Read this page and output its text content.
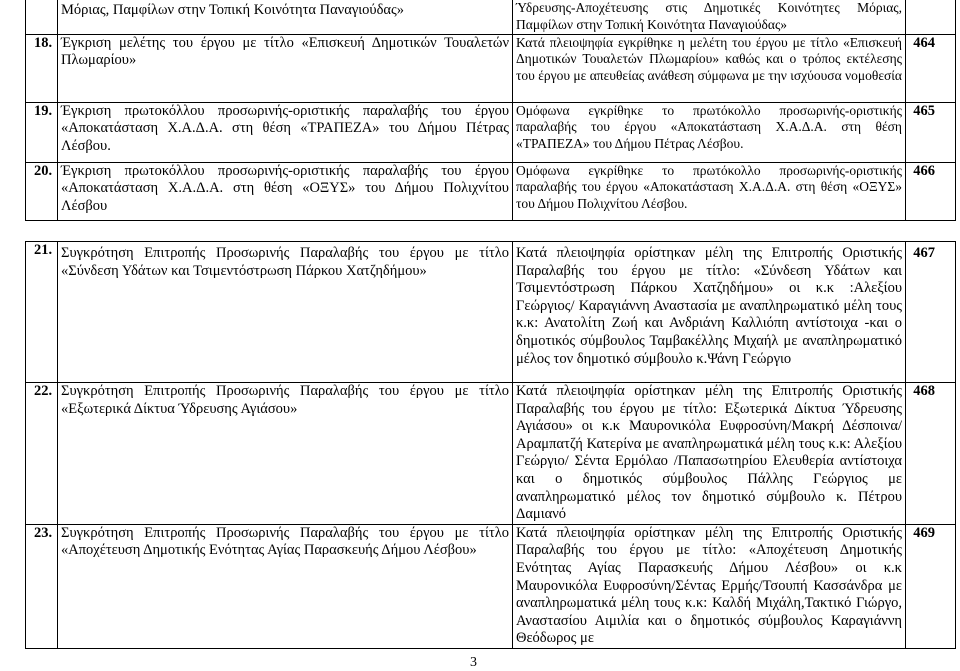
	Μόριας, Παμφίλων στην Τοπική Κοινότητα Παναγιούδας»	Ύδρευσης-Αποχέτευσης στις Δημοτικές Κοινότητες Μόριας, Παμφίλων στην Τοπική Κοινότητα Παναγιούδας»	
18.	Έγκριση μελέτης του έργου με τίτλο «Επισκευή Δημοτικών Τουαλετών Πλωμαρίου»	Κατά πλειοψηφία εγκρίθηκε η μελέτη του έργου με τίτλο «Επισκευή Δημοτικών Τουαλετών Πλωμαρίου» καθώς και ο τρόπος εκτέλεσης του έργου με απευθείας ανάθεση σύμφωνα με την ισχύουσα νομοθεσία	464
19.	Έγκριση πρωτοκόλλου προσωρινής-οριστικής παραλαβής του έργου «Αποκατάσταση Χ.Α.Δ.Α. στη θέση «ΤΡΑΠΕΖΑ» του Δήμου Πέτρας Λέσβου.	Ομόφωνα εγκρίθηκε το πρωτόκολλο προσωρινής-οριστικής παραλαβής του έργου «Αποκατάσταση Χ.Α.Δ.Α. στη θέση «ΤΡΑΠΕΖΑ» του Δήμου Πέτρας Λέσβου.	465
20.	Έγκριση πρωτοκόλλου προσωρινής-οριστικής παραλαβής του έργου «Αποκατάσταση Χ.Α.Δ.Α. στη θέση «ΟΞΥΣ» του Δήμου Πολιχνίτου Λέσβου	Ομόφωνα εγκρίθηκε το πρωτόκολλο προσωρινής-οριστικής παραλαβής του έργου «Αποκατάσταση Χ.Α.Δ.Α. στη θέση «ΟΞΥΣ» του Δήμου Πολιχνίτου Λέσβου.	466
21.	Συγκρότηση Επιτροπής Προσωρινής Παραλαβής του έργου με τίτλο «Σύνδεση Υδάτων και Τσιμεντόστρωση Πάρκου Χατζηδήμου»	Κατά πλειοψηφία ορίστηκαν μέλη της Επιτροπής Οριστικής Παραλαβής του έργου με τίτλο: «Σύνδεση Υδάτων και Τσιμεντόστρωση Πάρκου Χατζηδήμου» οι κ.κ :Αλεξίου Γεώργιος/ Καραγιάννη Αναστασία με αναπληρωματικό μέλη τους κ.κ: Ανατολίτη Ζωή και Ανδριάνη Καλλιόπη αντίστοιχα -και ο δημοτικός σύμβουλος Ταμβακέλλης Μιχαήλ με αναπληρωματικό μέλος τον δημοτικό σύμβουλο κ.Ψάνη Γεώργιο	467
22.	Συγκρότηση Επιτροπής Προσωρινής Παραλαβής του έργου με τίτλο «Εξωτερικά Δίκτυα Ύδρευσης Αγιάσου»	Κατά πλειοψηφία ορίστηκαν μέλη της Επιτροπής Οριστικής Παραλαβής του έργου με τίτλο: Εξωτερικά Δίκτυα Ύδρευσης Αγιάσου» οι κ.κ Μαυρονικόλα Ευφροσύνη/Μακρή Δέσποινα/Αραμπατζή Κατερίνα με αναπληρωματικά μέλη τους κ.κ: Αλεξίου Γεώργιο/ Σέντα Ερμόλαο /Παπασωτηρίου Ελευθερία αντίστοιχα και ο δημοτικός σύμβουλος Πάλλης Γεώργιος με αναπληρωματικό μέλος τον δημοτικό σύμβουλο κ. Πέτρου Δαμιανό	468
23.	Συγκρότηση Επιτροπής Προσωρινής Παραλαβής του έργου με τίτλο «Αποχέτευση Δημοτικής Ενότητας Αγίας Παρασκευής Δήμου Λέσβου»	Κατά πλειοψηφία ορίστηκαν μέλη της Επιτροπής Οριστικής Παραλαβής του έργου με τίτλο: «Αποχέτευση Δημοτικής Ενότητας Αγίας Παρασκευής Δήμου Λέσβου» οι κ.κ Μαυρονικόλα Ευφροσύνη/Σέντας Ερμής/Τσουπή Κασσάνδρα με αναπληρωματικά μέλη τους κ.κ: Καλδή Μιχάλη,Τακτικό Γιώργο, Αναστασίου Αιμιλία και ο δημοτικός σύμβουλος Καραγιάννη Θεόδωρος με	469
3
